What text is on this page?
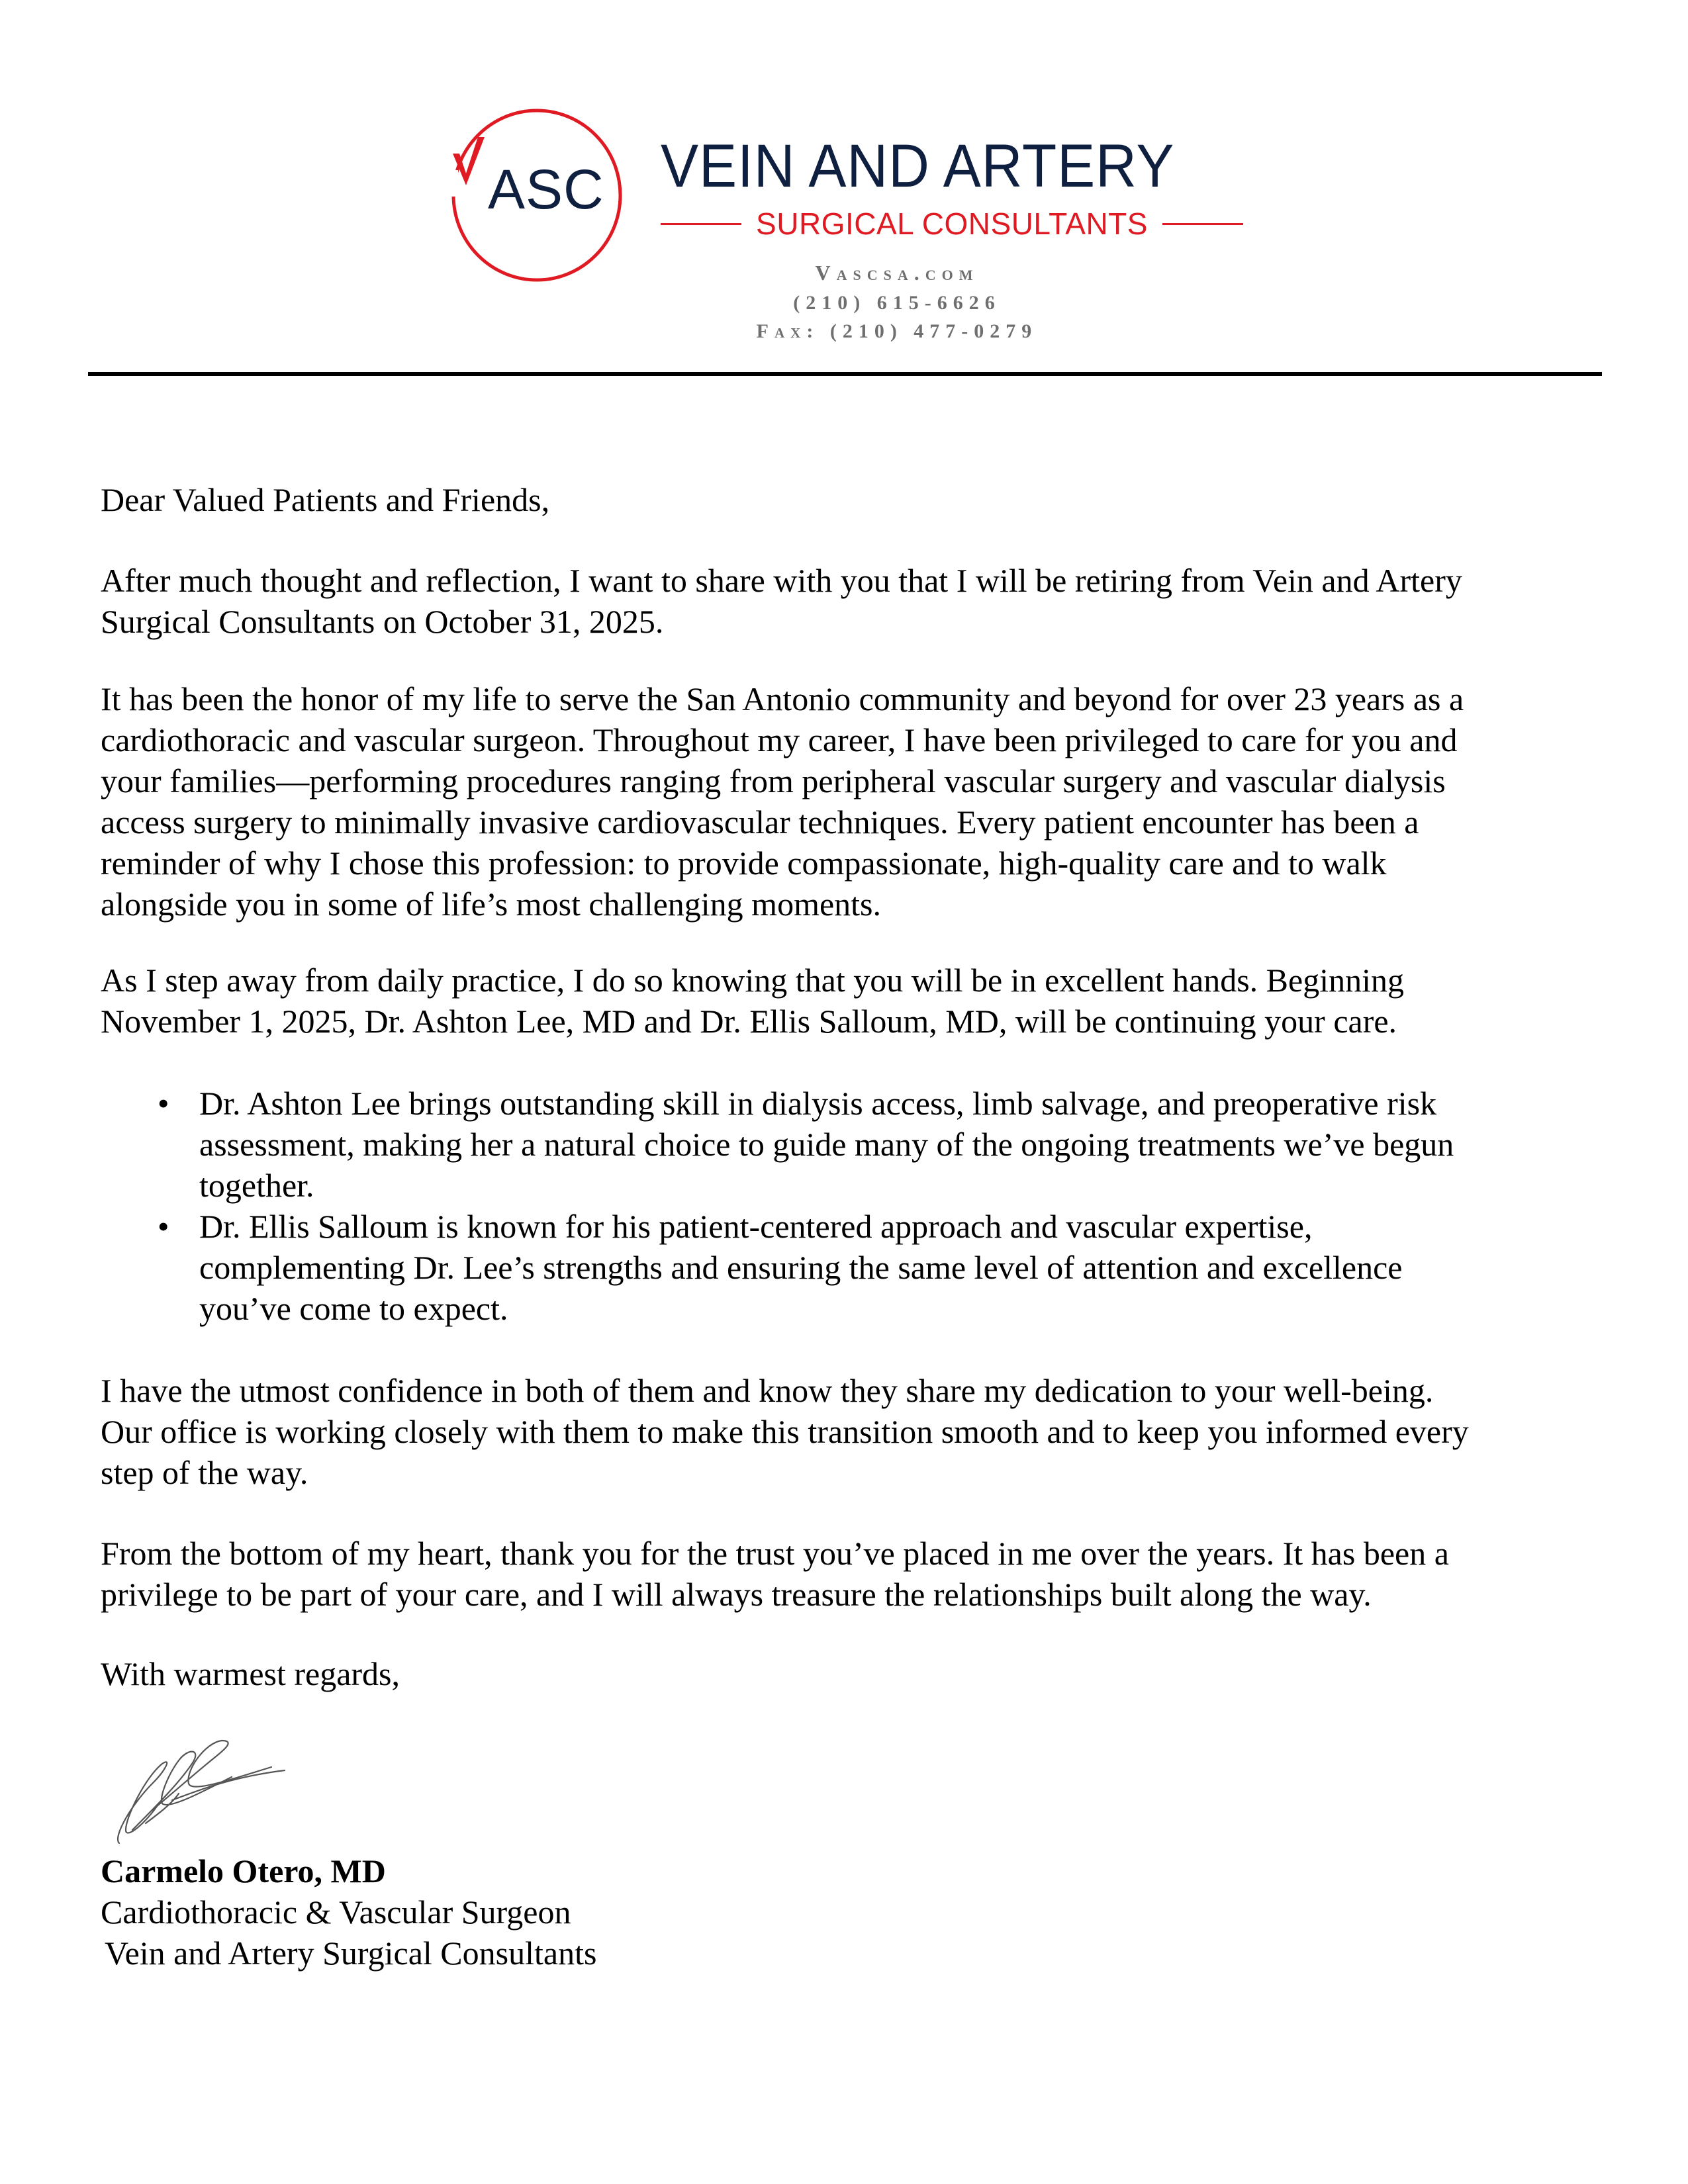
ASC VEIN AND ARTERY
SURGICAL CONSULTANTS
Vascsa.com
(210) 615-6626
Fax: (210) 477-0279
Dear Valued Patients and Friends,
After much thought and reflection, I want to share with you that I will be retiring from Vein and Artery
Surgical Consultants on October 31, 2025.
It has been the honor of my life to serve the San Antonio community and beyond for over 23 years as a
cardiothoracic and vascular surgeon. Throughout my career, I have been privileged to care for you and
your families—performing procedures ranging from peripheral vascular surgery and vascular dialysis
access surgery to minimally invasive cardiovascular techniques. Every patient encounter has been a
reminder of why I chose this profession: to provide compassionate, high-quality care and to walk
alongside you in some of life’s most challenging moments.
As I step away from daily practice, I do so knowing that you will be in excellent hands. Beginning
November 1, 2025, Dr. Ashton Lee, MD and Dr. Ellis Salloum, MD, will be continuing your care.
• Dr. Ashton Lee brings outstanding skill in dialysis access, limb salvage, and preoperative risk
assessment, making her a natural choice to guide many of the ongoing treatments we’ve begun
together.
• Dr. Ellis Salloum is known for his patient-centered approach and vascular expertise,
complementing Dr. Lee’s strengths and ensuring the same level of attention and excellence
you’ve come to expect.
I have the utmost confidence in both of them and know they share my dedication to your well-being.
Our office is working closely with them to make this transition smooth and to keep you informed every
step of the way.
From the bottom of my heart, thank you for the trust you’ve placed in me over the years. It has been a
privilege to be part of your care, and I will always treasure the relationships built along the way.
With warmest regards,
Carmelo Otero, MD
Cardiothoracic & Vascular Surgeon
Vein and Artery Surgical Consultants
